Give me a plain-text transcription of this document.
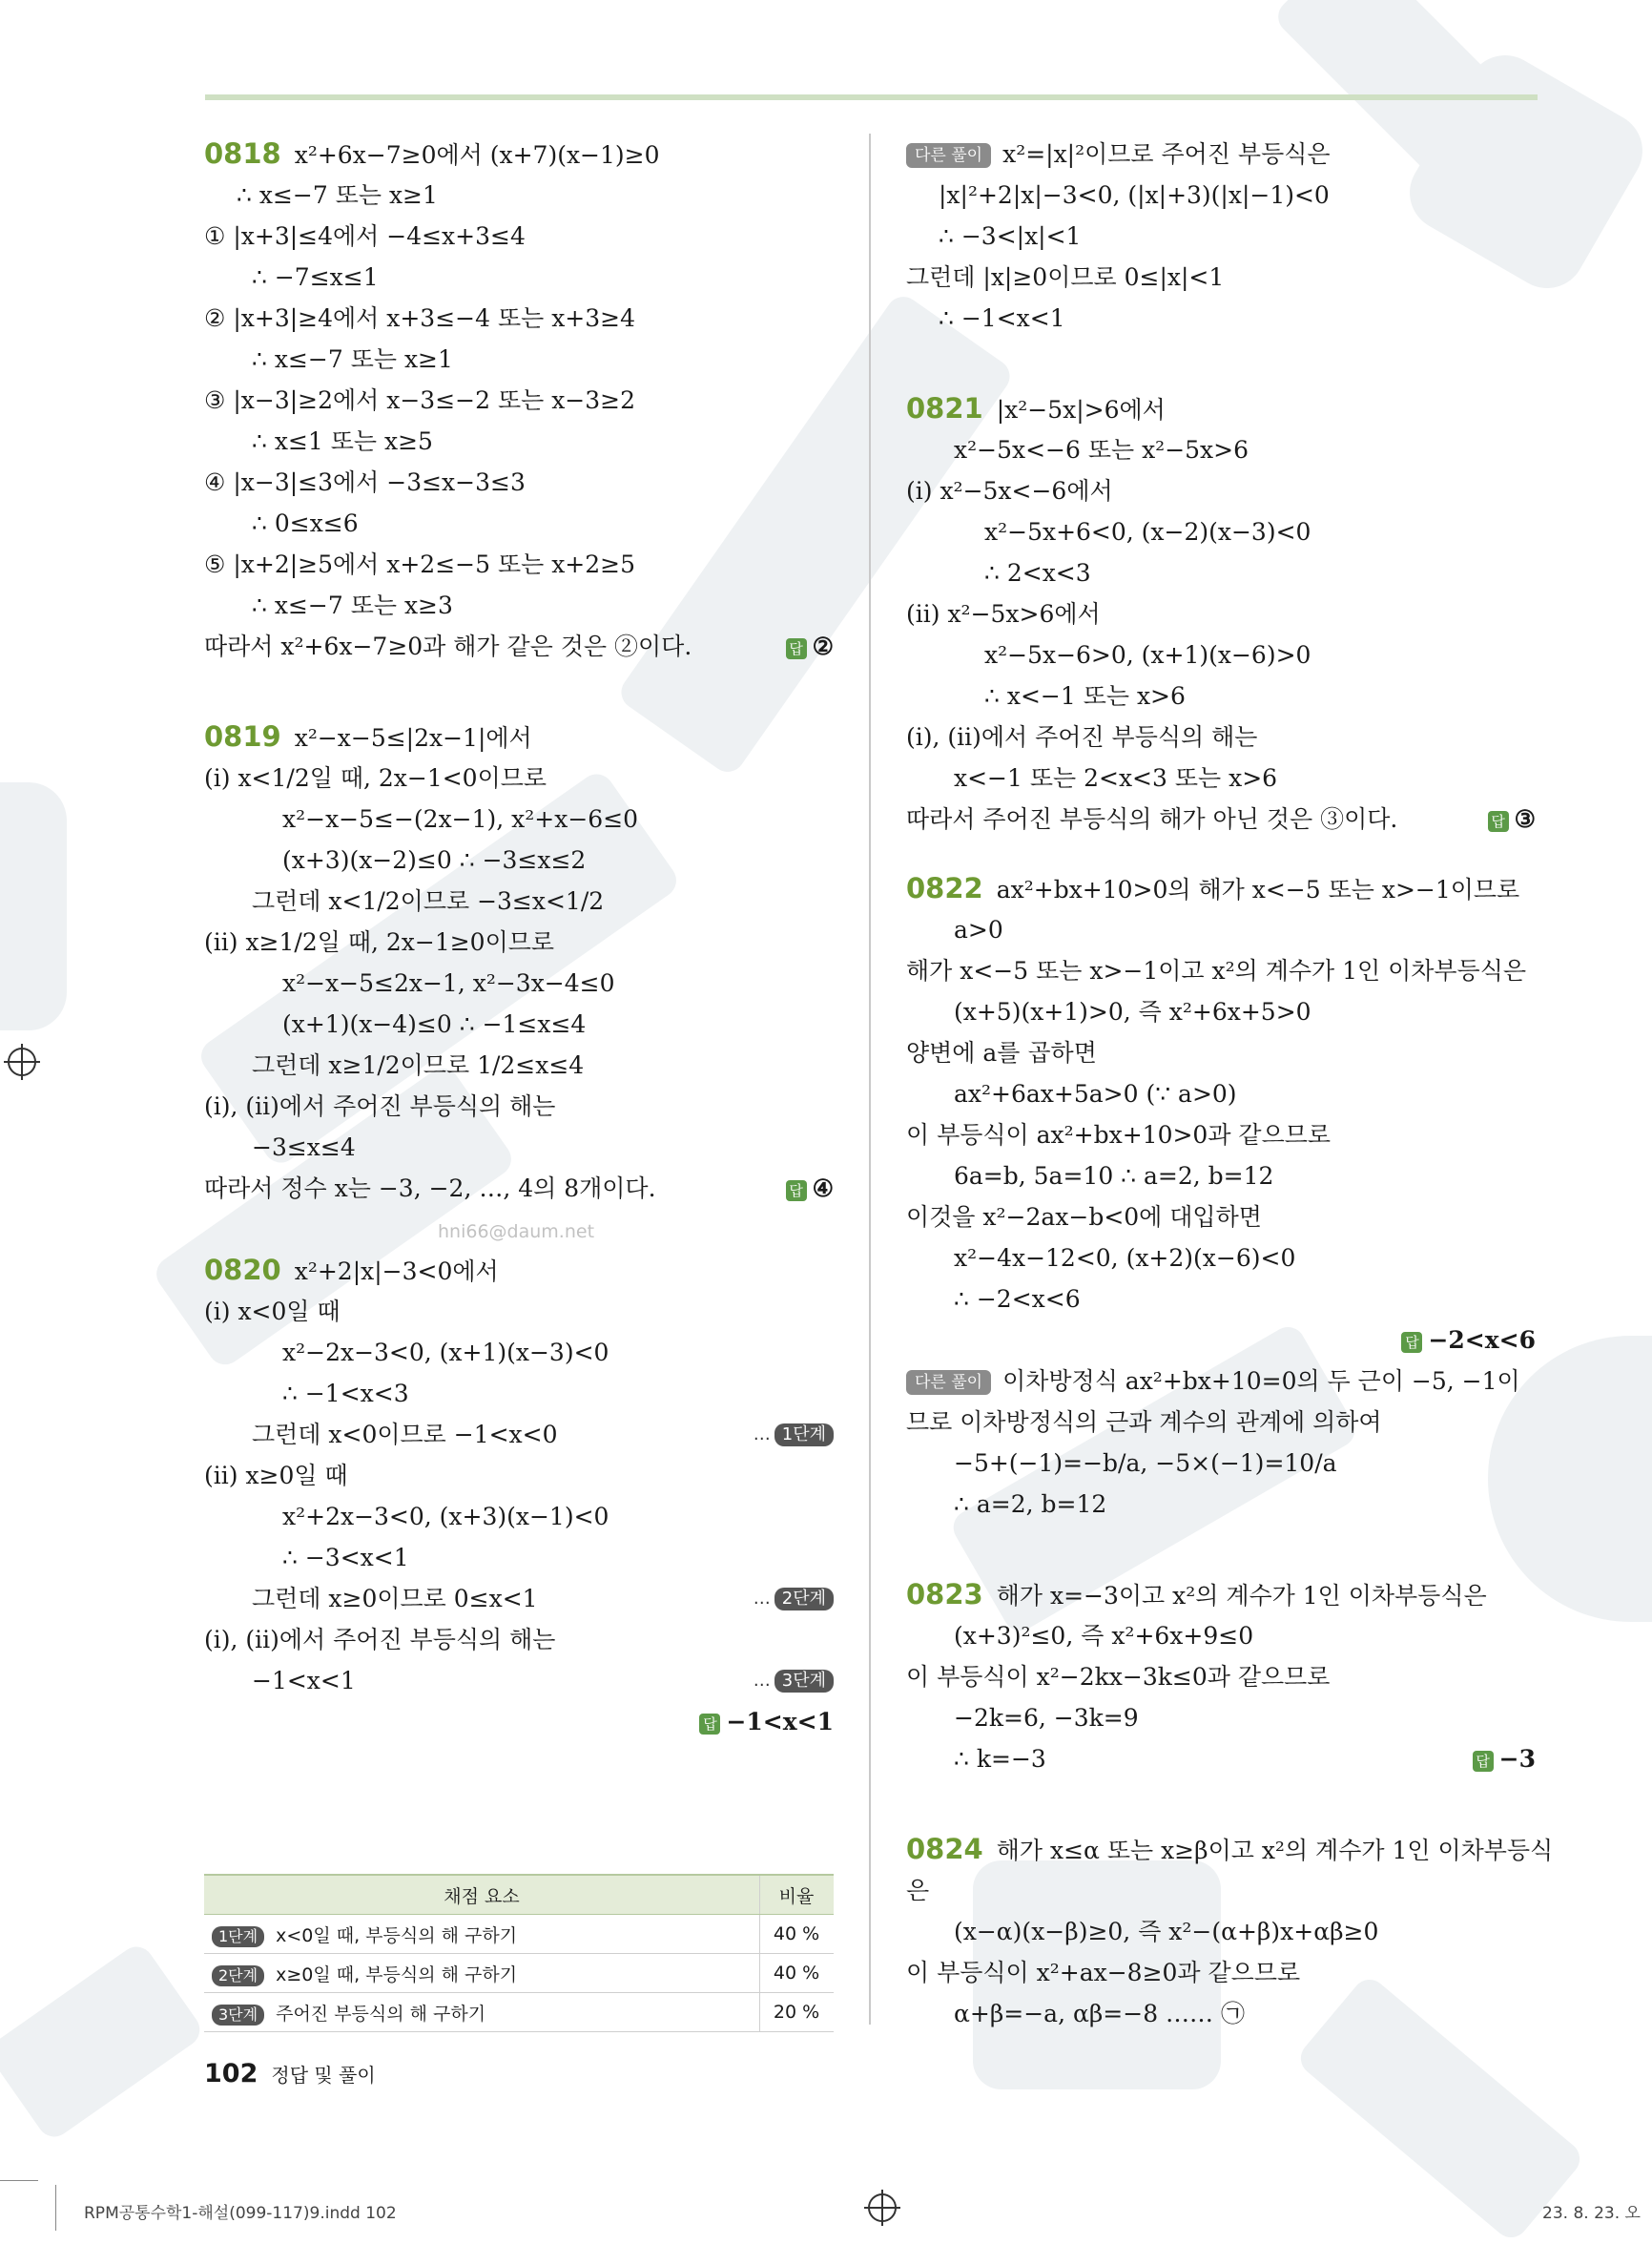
0818 x²+6x−7≥0에서 (x+7)(x−1)≥0
∴ x≤−7 또는 x≥1
① |x+3|≤4에서 −4≤x+3≤4
∴ −7≤x≤1
② |x+3|≥4에서 x+3≤−4 또는 x+3≥4
∴ x≤−7 또는 x≥1
③ |x−3|≥2에서 x−3≤−2 또는 x−3≥2
∴ x≤1 또는 x≥5
④ |x−3|≤3에서 −3≤x−3≤3
∴ 0≤x≤6
⑤ |x+2|≥5에서 x+2≤−5 또는 x+2≥5
∴ x≤−7 또는 x≥3
따라서 x²+6x−7≥0과 해가 같은 것은 ②이다.	답 ②
0819 x²−x−5≤|2x−1|에서
(i) x<1/2일 때, 2x−1<0이므로
x²−x−5≤−(2x−1), x²+x−6≤0
(x+3)(x−2)≤0 ∴ −3≤x≤2
그런데 x<1/2이므로 −3≤x<1/2
(ii) x≥1/2일 때, 2x−1≥0이므로
x²−x−5≤2x−1, x²−3x−4≤0
(x+1)(x−4)≤0 ∴ −1≤x≤4
그런데 x≥1/2이므로 1/2≤x≤4
(i), (ii)에서 주어진 부등식의 해는
−3≤x≤4
따라서 정수 x는 −3, −2, …, 4의 8개이다.	답 ④
hni66@daum.net
0820 x²+2|x|−3<0에서
(i) x<0일 때
x²−2x−3<0, (x+1)(x−3)<0
∴ −1<x<3
그런데 x<0이므로 −1<x<0	… 1단계
(ii) x≥0일 때
x²+2x−3<0, (x+3)(x−1)<0
∴ −3<x<1
그런데 x≥0이므로 0≤x<1	… 2단계
(i), (ii)에서 주어진 부등식의 해는
−1<x<1	… 3단계
답 −1<x<1
채점 요소	비율
1단계 x<0일 때, 부등식의 해 구하기	40 %
2단계 x≥0일 때, 부등식의 해 구하기	40 %
3단계 주어진 부등식의 해 구하기	20 %
다른 풀이 x²=|x|²이므로 주어진 부등식은
|x|²+2|x|−3<0, (|x|+3)(|x|−1)<0
∴ −3<|x|<1
그런데 |x|≥0이므로 0≤|x|<1
∴ −1<x<1
0821 |x²−5x|>6에서
x²−5x<−6 또는 x²−5x>6
(i) x²−5x<−6에서
x²−5x+6<0, (x−2)(x−3)<0
∴ 2<x<3
(ii) x²−5x>6에서
x²−5x−6>0, (x+1)(x−6)>0
∴ x<−1 또는 x>6
(i), (ii)에서 주어진 부등식의 해는
x<−1 또는 2<x<3 또는 x>6
따라서 주어진 부등식의 해가 아닌 것은 ③이다.	답 ③
0822 ax²+bx+10>0의 해가 x<−5 또는 x>−1이므로
a>0
해가 x<−5 또는 x>−1이고 x²의 계수가 1인 이차부등식은
(x+5)(x+1)>0, 즉 x²+6x+5>0
양변에 a를 곱하면
ax²+6ax+5a>0 (∵ a>0)
이 부등식이 ax²+bx+10>0과 같으므로
6a=b, 5a=10 ∴ a=2, b=12
이것을 x²−2ax−b<0에 대입하면
x²−4x−12<0, (x+2)(x−6)<0
∴ −2<x<6
답 −2<x<6
다른 풀이 이차방정식 ax²+bx+10=0의 두 근이 −5, −1이
므로 이차방정식의 근과 계수의 관계에 의하여
−5+(−1)=−b/a, −5×(−1)=10/a
∴ a=2, b=12
0823 해가 x=−3이고 x²의 계수가 1인 이차부등식은
(x+3)²≤0, 즉 x²+6x+9≤0
이 부등식이 x²−2kx−3k≤0과 같으므로
−2k=6, −3k=9
∴ k=−3	답 −3
0824 해가 x≤α 또는 x≥β이고 x²의 계수가 1인 이차부등식
은
(x−α)(x−β)≥0, 즉 x²−(α+β)x+αβ≥0
이 부등식이 x²+ax−8≥0과 같으므로
α+β=−a, αβ=−8 …… ㉠
102 정답 및 풀이
RPM공통수학1-해설(099-117)9.indd 102	23. 8. 23. 오
